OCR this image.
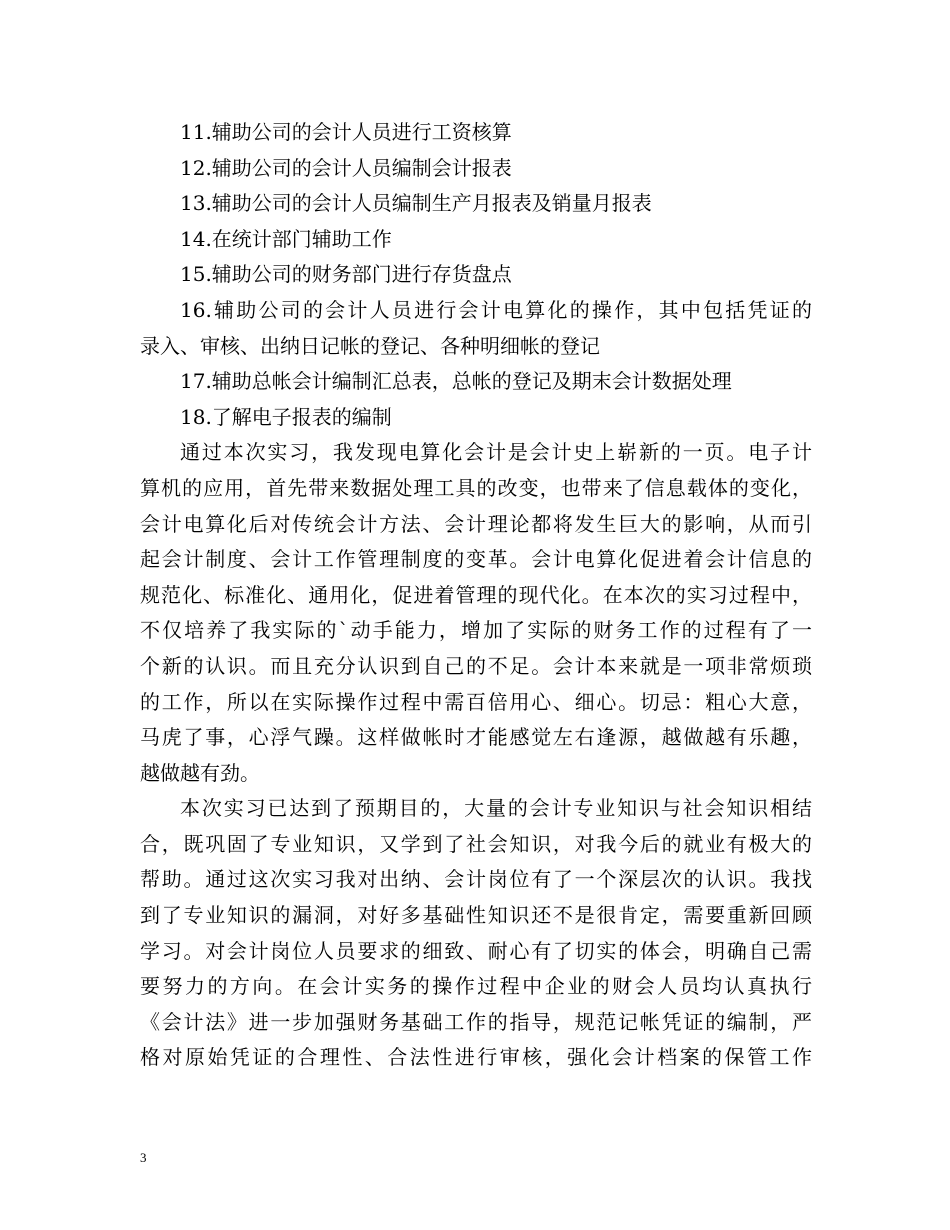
11.辅助公司的会计人员进行工资核算
12.辅助公司的会计人员编制会计报表
13.辅助公司的会计人员编制生产月报表及销量月报表
14.在统计部门辅助工作
15.辅助公司的财务部门进行存货盘点
16.辅助公司的会计人员进行会计电算化的操作，其中包括凭证的
录入、审核、出纳日记帐的登记、各种明细帐的登记
17.辅助总帐会计编制汇总表，总帐的登记及期末会计数据处理
18.了解电子报表的编制
通过本次实习，我发现电算化会计是会计史上崭新的一页。电子计
算机的应用，首先带来数据处理工具的改变，也带来了信息载体的变化，
会计电算化后对传统会计方法、会计理论都将发生巨大的影响，从而引
起会计制度、会计工作管理制度的变革。会计电算化促进着会计信息的
规范化、标准化、通用化，促进着管理的现代化。在本次的实习过程中，
不仅培养了我实际的`动手能力，增加了实际的财务工作的过程有了一
个新的认识。而且充分认识到自己的不足。会计本来就是一项非常烦琐
的工作，所以在实际操作过程中需百倍用心、细心。切忌：粗心大意，
马虎了事，心浮气躁。这样做帐时才能感觉左右逢源，越做越有乐趣，
越做越有劲。
本次实习已达到了预期目的，大量的会计专业知识与社会知识相结
合，既巩固了专业知识，又学到了社会知识，对我今后的就业有极大的
帮助。通过这次实习我对出纳、会计岗位有了一个深层次的认识。我找
到了专业知识的漏洞，对好多基础性知识还不是很肯定，需要重新回顾
学习。对会计岗位人员要求的细致、耐心有了切实的体会，明确自己需
要努力的方向。在会计实务的操作过程中企业的财会人员均认真执行
《会计法》进一步加强财务基础工作的指导，规范记帐凭证的编制，严
格对原始凭证的合理性、合法性进行审核，强化会计档案的保管工作
3
